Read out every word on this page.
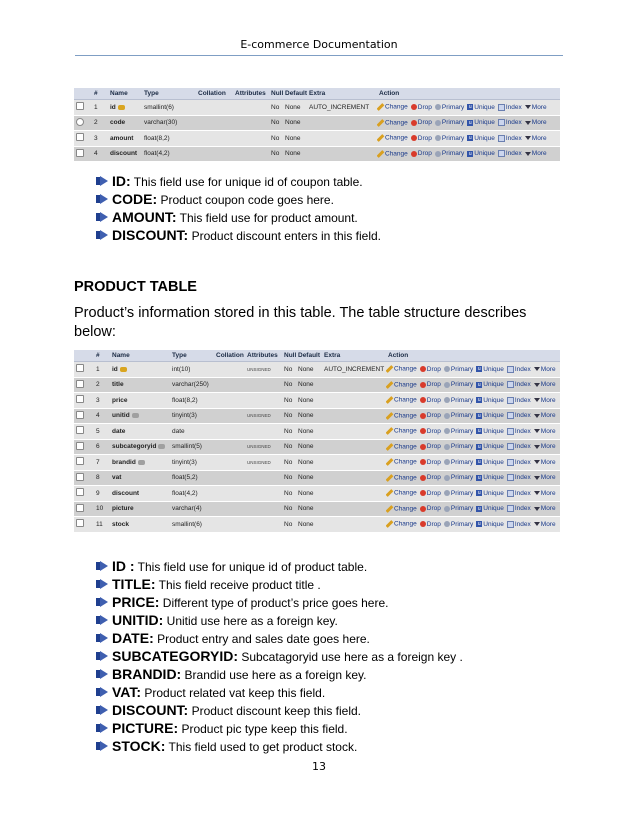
E-commerce Documentation
	#	Name	Type	Collation	Attributes	Null	Default	Extra	Action
	1	id	smallint(6)			No	None	AUTO_INCREMENT	Change Drop Primary u Unique Index More
	2	code	varchar(30)			No	None		Change Drop Primary u Unique Index More
	3	amount	float(8,2)			No	None		Change Drop Primary u Unique Index More
	4	discount	float(4,2)			No	None		Change Drop Primary u Unique Index More
ID: This field use for unique id of coupon table.
CODE: Product coupon code goes here.
AMOUNT: This field use for product amount.
DISCOUNT: Product discount enters in this field.
PRODUCT TABLE
Product’s information stored in this table. The table structure describes below:
	#	Name	Type	Collation	Attributes	Null	Default	Extra	Action
	1	id	int(10)		UNSIGNED	No	None	AUTO_INCREMENT	Change Drop Primary u Unique Index More
	2	title	varchar(250)			No	None		Change Drop Primary u Unique Index More
	3	price	float(8,2)			No	None		Change Drop Primary u Unique Index More
	4	unitid	tinyint(3)		UNSIGNED	No	None		Change Drop Primary u Unique Index More
	5	date	date			No	None		Change Drop Primary u Unique Index More
	6	subcategoryid	smallint(5)		UNSIGNED	No	None		Change Drop Primary u Unique Index More
	7	brandid	tinyint(3)		UNSIGNED	No	None		Change Drop Primary u Unique Index More
	8	vat	float(5,2)			No	None		Change Drop Primary u Unique Index More
	9	discount	float(4,2)			No	None		Change Drop Primary u Unique Index More
	10	picture	varchar(4)			No	None		Change Drop Primary u Unique Index More
	11	stock	smallint(6)			No	None		Change Drop Primary u Unique Index More
ID : This field use for unique id of product table.
TITLE: This field receive product title .
PRICE: Different type of product’s price goes here.
UNITID: Unitid use here as a foreign key.
DATE: Product entry and sales date goes here.
SUBCATEGORYID: Subcatagoryid use here as a foreign key .
BRANDID: Brandid use here as a foreign key.
VAT: Product related vat keep this field.
DISCOUNT: Product discount keep this field.
PICTURE: Product pic type keep this field.
STOCK: This field used to get product stock.
13
